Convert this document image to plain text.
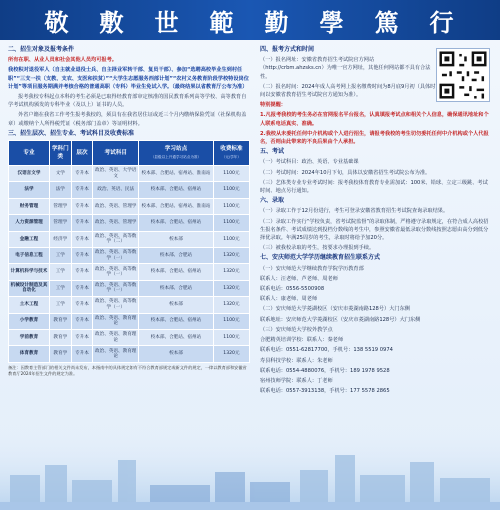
敬 敷 世 範 勤 學 篤 行
二、招生对象及报考条件

所有在职、从业人员和社会其他人员均可报考。

我校积对退役军人（自主就业退役士兵、自主择业军转干部、复员干部）、参加“选聘高校毕业生到村任职”“三支一扶（支教、支农、支医和扶贫）”“大学生志愿服务西部计划”“农村义务教育阶段学校特设岗位计划”等项目服务期满并考核合格的普通高职（专科）毕业生免试入学。（最终结果以省教育厅公布为准）

报考我校专科起点本科的考生必须是已取得经教育部审定核准的国民教育系列高等学校、高等教育自学考试机构颁发的专科毕业（及以上）证书的人员。

外省户籍在我省工作考生报考我校的，须具有在我省居住证或近三个月内缴纳保险凭证（社保机构盖章）或缴纳个人所得税凭证（税务部门盖章）等证明材料。

三、招生层次、招生专业、考试科目及收费标准
专业	学科门类	层次	考试科目	学习站点
（县级以上开通学习站点为准）	收费标准
（元/学年）

汉语言文学	文学	专升本	政治、英语、大学语文	校本部、合肥站、宿州站、淮南站	1100元
法学	法学	专升本	政治、英语、民法	校本部、合肥站、宿州站	1100元
财务管理	管理学	专升本	政治、英语、管理学	校本部、合肥站、宿州站、淮南站	1100元
人力资源管理	管理学	专升本	政治、英语、管理学	校本部、合肥站、宿州站	1100元
金融工程	经济学	专升本	政治、英语、高等数学（二）	校本部	1100元
电子信息工程	工学	专升本	政治、英语、高等数学（一）	校本部、合肥站	1320元
计算机科学与技术	工学	专升本	政治、英语、高等数学（一）	校本部、合肥站、宿州站	1320元
机械设计制造及其自动化	工学	专升本	政治、英语、高等数学（一）	校本部、合肥站	1320元
土木工程	工学	专升本	政治、英语、高等数学（一）	校本部	1320元
小学教育	教育学	专升本	政治、英语、教育理论	校本部、合肥站、宿州站	1100元
学前教育	教育学	专升本	政治、英语、教育理论	校本部、合肥站、宿州站	1100元
体育教育	教育学	专升本	政治、英语、教育理论	校本部	1320元
备注：因教育主管部门的相关文件尚未发布，本指南中的具体规定如有不符合教育部规定或新文件的规定，一律以教育部和安徽省教育厅2024年招生文件的规定为准。
四、报考方式和时间

（一）报名网址：安徽省教育招生考试院官方网站（http://crbm.ahzsks.cn）为唯一官方网址，其他任何网站都不具有合法性。

（二）报名时间：2024年成人高考网上报名缴费时间为8月底9月初（具体时间以安徽省教育招生考试院官方通知为准）。

特别提醒：

1.凡报考我校的考生务必在官网报名平台报名，认真填报考试点和相关个人信息，确保通讯地址和个人联系电话真实、准确。

2.我校从未委托任何中介机构或个人进行招生，请报考我校的考生切勿委托任何中介机构或个人代报名，否则由此带来的不良后果由个人承担。

五、考试

（一）考试科目：政治、英语、专业基础课

（二）考试时间：2024年10月下旬，具体以安徽省招生考试院公布为准。

（三）艺体类专业专业考试时间：报考我校体育教育专业需加试：100米、铅球、立定三级跳、考试时间、地点另行通知。

六、录取

（一）录取工作于12月份进行，考生可登录安徽省教育招生考试院查询录取结果。

（二）录取工作实行“学校负责，省考试院监督”的录取体制，严格遵守录取规定，在符合成人高校招生报名条件、考试成绩达到投档分数线的考生中，参照安徽省最低录取分数线按照志愿由高分到低分择优录取。年满25周岁的考生，录取时将给予加20分。

（三）被我校录取的考生，按要求办理报到手续。

七、安庆师范大学学历继续教育招生联系方式

（一）安庆师范大学继续教育学院学历教育部

联系人：汪老师、芦老师、周老师

联系电话：0556-5500908

联系人：康老师、周老师

（二）安庆师范大学菱湖校区（安庆市菱湖南路128号）大门东侧

联系地址：安庆师范大学菱湖校区（安庆市菱湖南路128号）大门东侧

（三）安庆师范大学校外教学点

合肥精英培训学校：联系人：秦老师

联系电话：0551-62817700，手机号：138 5519 0974

寿县科技学校：联系人：朱老师

联系电话：0554-4880076，手机号：189 1978 9528

宿州技师学院：联系人：丁老师

联系电话：0557-3913138，手机号：177 5578 2865
